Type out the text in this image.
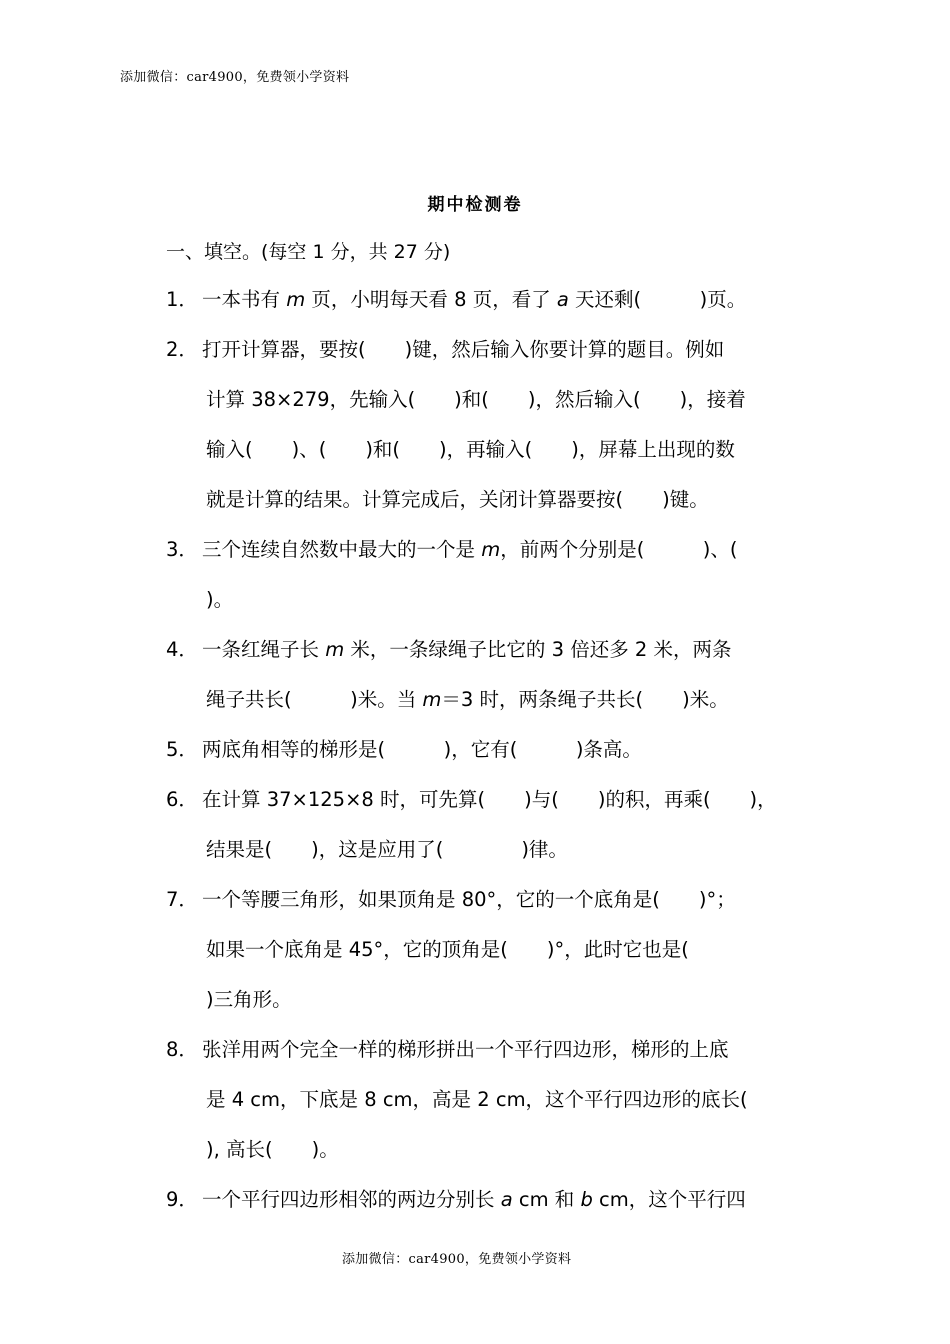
添加微信：car4900，免费领小学资料
期中检测卷
一、填空。(每空 1 分，共 27 分)
1． 一本书有 m 页，小明每天看 8 页，看了 a 天还剩(　　　)页。
2． 打开计算器，要按(　　)键，然后输入你要计算的题目。例如
计算 38×279，先输入(　　)和(　　)，然后输入(　　)，接着
输入(　　)、(　　)和(　　)，再输入(　　)，屏幕上出现的数
就是计算的结果。计算完成后，关闭计算器要按(　　)键。
3． 三个连续自然数中最大的一个是 m，前两个分别是(　　　)、(
)。
4． 一条红绳子长 m 米，一条绿绳子比它的 3 倍还多 2 米，两条
绳子共长(　　　)米。当 m＝3 时，两条绳子共长(　　)米。
5． 两底角相等的梯形是(　　　)，它有(　　　)条高。
6． 在计算 37×125×8 时，可先算(　　)与(　　)的积，再乘(　　)，
结果是(　　)，这是应用了(　　　　)律。
7． 一个等腰三角形，如果顶角是 80°，它的一个底角是(　　)°；
如果一个底角是 45°，它的顶角是(　　)°，此时它也是(
)三角形。
8． 张洋用两个完全一样的梯形拼出一个平行四边形，梯形的上底
是 4 cm，下底是 8 cm，高是 2 cm，这个平行四边形的底长(
), 高长(　　)。
9． 一个平行四边形相邻的两边分别长 a cm 和 b cm，这个平行四
添加微信：car4900，免费领小学资料
